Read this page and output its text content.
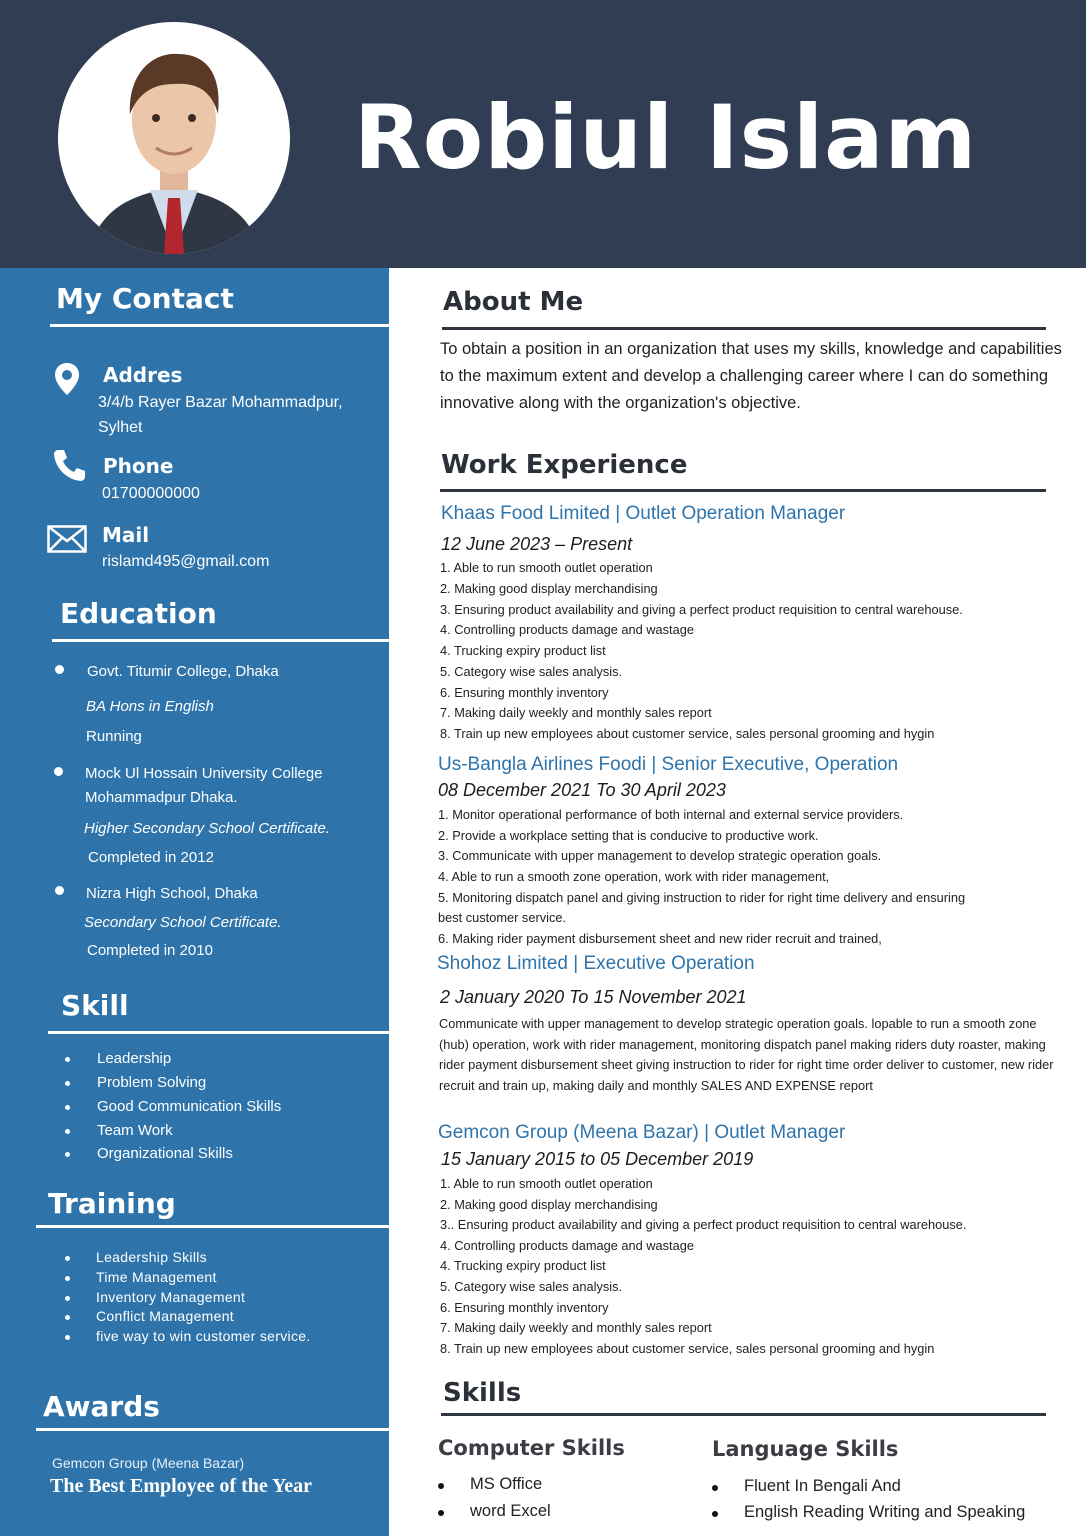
Robiul Islam
My Contact
Addres
3/4/b Rayer Bazar Mohammadpur,
Sylhet
Phone
01700000000
Mail
rislamd495@gmail.com
Education
Govt. Titumir College, Dhaka
BA Hons in English
Running
Mock Ul Hossain University College
Mohammadpur Dhaka.
Higher Secondary School Certificate.
Completed in 2012
Nizra High School, Dhaka
Secondary School Certificate.
Completed in 2010
Skill
Leadership
Problem Solving
Good Communication Skills
Team Work
Organizational Skills
Training
Leadership Skills
Time Management
Inventory Management
Conflict Management
five way to win customer service.
Awards
Gemcon Group (Meena Bazar)
The Best Employee of the Year
About Me
To obtain a position in an organization that uses my skills, knowledge and capabilities to the maximum extent and develop a challenging career where I can do something innovative along with the organization's objective.
Work Experience
Khaas Food Limited | Outlet Operation Manager
12 June 2023 – Present
1. Able to run smooth outlet operation
2. Making good display merchandising
3. Ensuring product availability and giving a perfect product requisition to central warehouse.
4. Controlling products damage and wastage
4. Trucking expiry product list
5. Category wise sales analysis.
6. Ensuring monthly inventory
7. Making daily weekly and monthly sales report
8. Train up new employees about customer service, sales personal grooming and hygin
Us-Bangla Airlines Foodi | Senior Executive, Operation
08 December 2021 To 30 April 2023
1. Monitor operational performance of both internal and external service providers.
2. Provide a workplace setting that is conducive to productive work.
3. Communicate with upper management to develop strategic operation goals.
4. Able to run a smooth zone operation, work with rider management,
5. Monitoring dispatch panel and giving instruction to rider for right time delivery and ensuring
best customer service.
6. Making rider payment disbursement sheet and new rider recruit and trained,
Shohoz Limited | Executive Operation
2 January 2020 To 15 November 2021
Communicate with upper management to develop strategic operation goals. lopable to run a smooth zone (hub) operation, work with rider management, monitoring dispatch panel making riders duty roaster, making rider payment disbursement sheet giving instruction to rider for right time order deliver to customer, new rider recruit and train up, making daily and monthly SALES AND EXPENSE report
Gemcon Group (Meena Bazar) | Outlet Manager
15 January 2015 to 05 December 2019
1. Able to run smooth outlet operation
2. Making good display merchandising
3.. Ensuring product availability and giving a perfect product requisition to central warehouse.
4. Controlling products damage and wastage
4. Trucking expiry product list
5. Category wise sales analysis.
6. Ensuring monthly inventory
7. Making daily weekly and monthly sales report
8. Train up new employees about customer service, sales personal grooming and hygin
Skills
Computer Skills
MS Office
word Excel
Language Skills
Fluent In Bengali And
English Reading Writing and Speaking
